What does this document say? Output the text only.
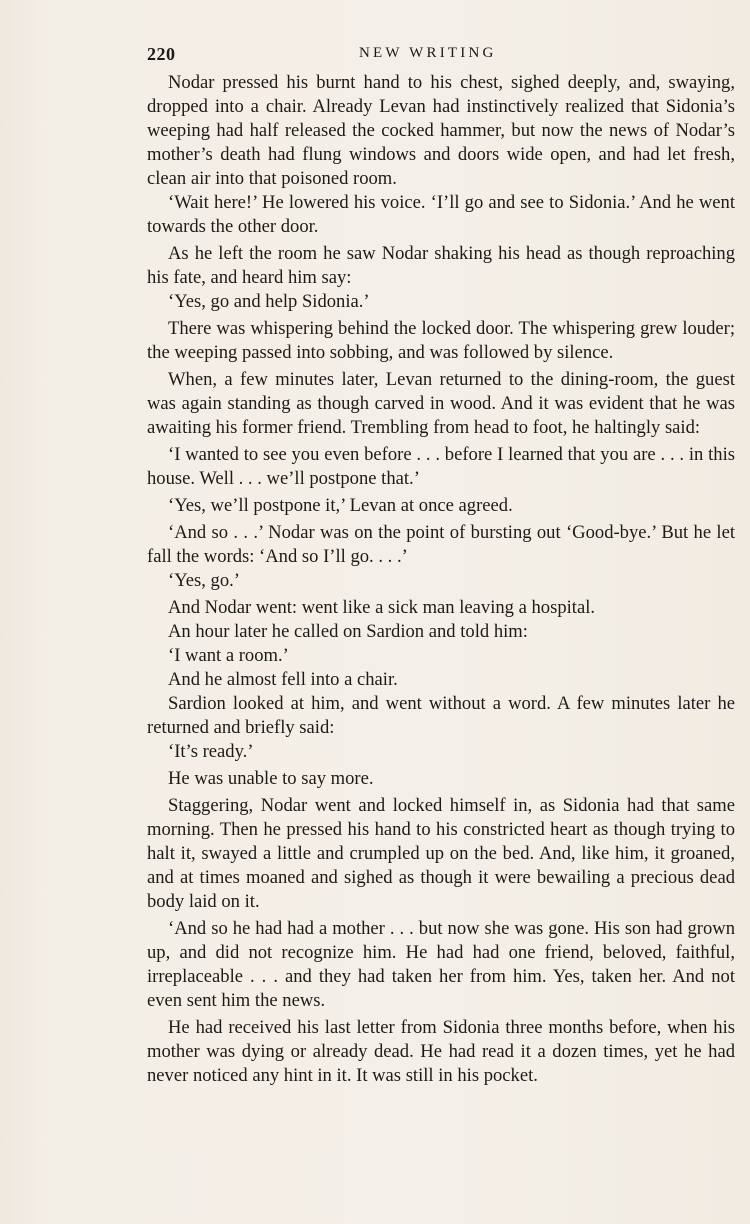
220	NEW WRITING

Nodar pressed his burnt hand to his chest, sighed deeply, and, swaying, dropped into a chair. Already Levan had instinctively realized that Sidonia’s weeping had half released the cocked hammer, but now the news of Nodar’s mother’s death had flung windows and doors wide open, and had let fresh, clean air into that poisoned room.

‘Wait here!’ He lowered his voice. ‘I’ll go and see to Sidonia.’ And he went towards the other door.

As he left the room he saw Nodar shaking his head as though reproaching his fate, and heard him say:

‘Yes, go and help Sidonia.’

There was whispering behind the locked door. The whispering grew louder; the weeping passed into sobbing, and was followed by silence.

When, a few minutes later, Levan returned to the dining-room, the guest was again standing as though carved in wood. And it was evident that he was awaiting his former friend. Trembling from head to foot, he haltingly said:

‘I wanted to see you even before . . . before I learned that you are . . . in this house. Well . . . we’ll postpone that.’

‘Yes, we’ll postpone it,’ Levan at once agreed.

‘And so . . .’ Nodar was on the point of bursting out ‘Good-bye.’ But he let fall the words: ‘And so I’ll go. . . .’

‘Yes, go.’

And Nodar went: went like a sick man leaving a hospital.

An hour later he called on Sardion and told him:

‘I want a room.’

And he almost fell into a chair.

Sardion looked at him, and went without a word. A few minutes later he returned and briefly said:

‘It’s ready.’

He was unable to say more.

Staggering, Nodar went and locked himself in, as Sidonia had that same morning. Then he pressed his hand to his constricted heart as though trying to halt it, swayed a little and crumpled up on the bed. And, like him, it groaned, and at times moaned and sighed as though it were bewailing a precious dead body laid on it.

‘And so he had had a mother . . . but now she was gone. His son had grown up, and did not recognize him. He had had one friend, beloved, faithful, irreplaceable . . . and they had taken her from him. Yes, taken her. And not even sent him the news.

He had received his last letter from Sidonia three months before, when his mother was dying or already dead. He had read it a dozen times, yet he had never noticed any hint in it. It was still in his pocket.
